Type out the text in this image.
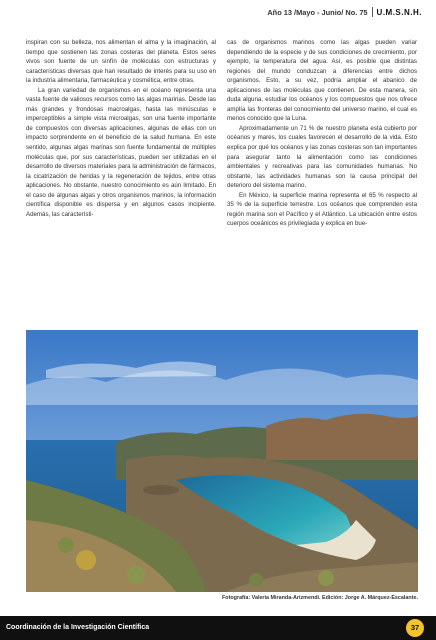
Año 13 /Mayo - Junio/ No. 75 U.M.S.N.H.

inspiran con su belleza, nos alimentan el alma y la imaginación, al tiempo que sostienen las zonas costeras del planeta. Estos seres vivos son fuente de un sinfín de moléculas con estructuras y características diversas que han resultado de interés para su uso en la industria alimentaria, farmacéutica y cosmética, entre otras.

La gran variedad de organismos en el océano representa una vasta fuente de valiosos recursos como las algas marinas. Desde las más grandes y frondosas macroalgas, hasta las minúsculas e imperceptibles a simple vista microalgas, son una fuente importante de compuestos con diversas aplicaciones, algunas de ellas con un impacto sorprendente en el beneficio de la salud humana. En este sentido, algunas algas marinas son fuente fundamental de múltiples moléculas que, por sus características, pueden ser utilizadas en el desarrollo de diversos materiales para la administración de fármacos, la cicatrización de heridas y la regeneración de tejidos, entre otras aplicaciones. No obstante, nuestro conocimiento es aún limitado. En el caso de algunas algas y otros organismos marinos, la información científica disponible es dispersa y en algunos casos incipiente. Además, las característi-

cas de organismos marinos como las algas pueden variar dependiendo de la especie y de sus condiciones de crecimiento, por ejemplo, la temperatura del agua. Así, es posible que distintas regiones del mundo conduzcan a diferencias entre dichos organismos. Esto, a su vez, podría ampliar el abanico de aplicaciones de las moléculas que contienen. De esta manera, sin duda alguna, estudiar los océanos y los compuestos que nos ofrece amplía las fronteras del conocimiento del universo marino, el cual es menos conocido que la Luna.

Aproximadamente un 71 % de nuestro planeta está cubierto por océanos y mares, los cuales favorecen el desarrollo de la vida. Esto explica por qué los océanos y las zonas costeras son tan importantes para asegurar tanto la alimentación como las condiciones ambientales y recreativas para las comunidades humanas. No obstante, las actividades humanas son la causa principal del deterioro del sistema marino.

En México, la superficie marina representa el 65 % respecto al 35 % de la superficie terrestre. Los océanos que comprenden esta región marina son el Pacífico y el Atlántico. La ubicación entre estos cuerpos oceánicos es privilegiada y explica en bue-

Fotografía: Valeria Miranda-Arizmendi. Edición: Jorge A. Márquez-Escalante.
Coordinación de la Investigación Científica	37
